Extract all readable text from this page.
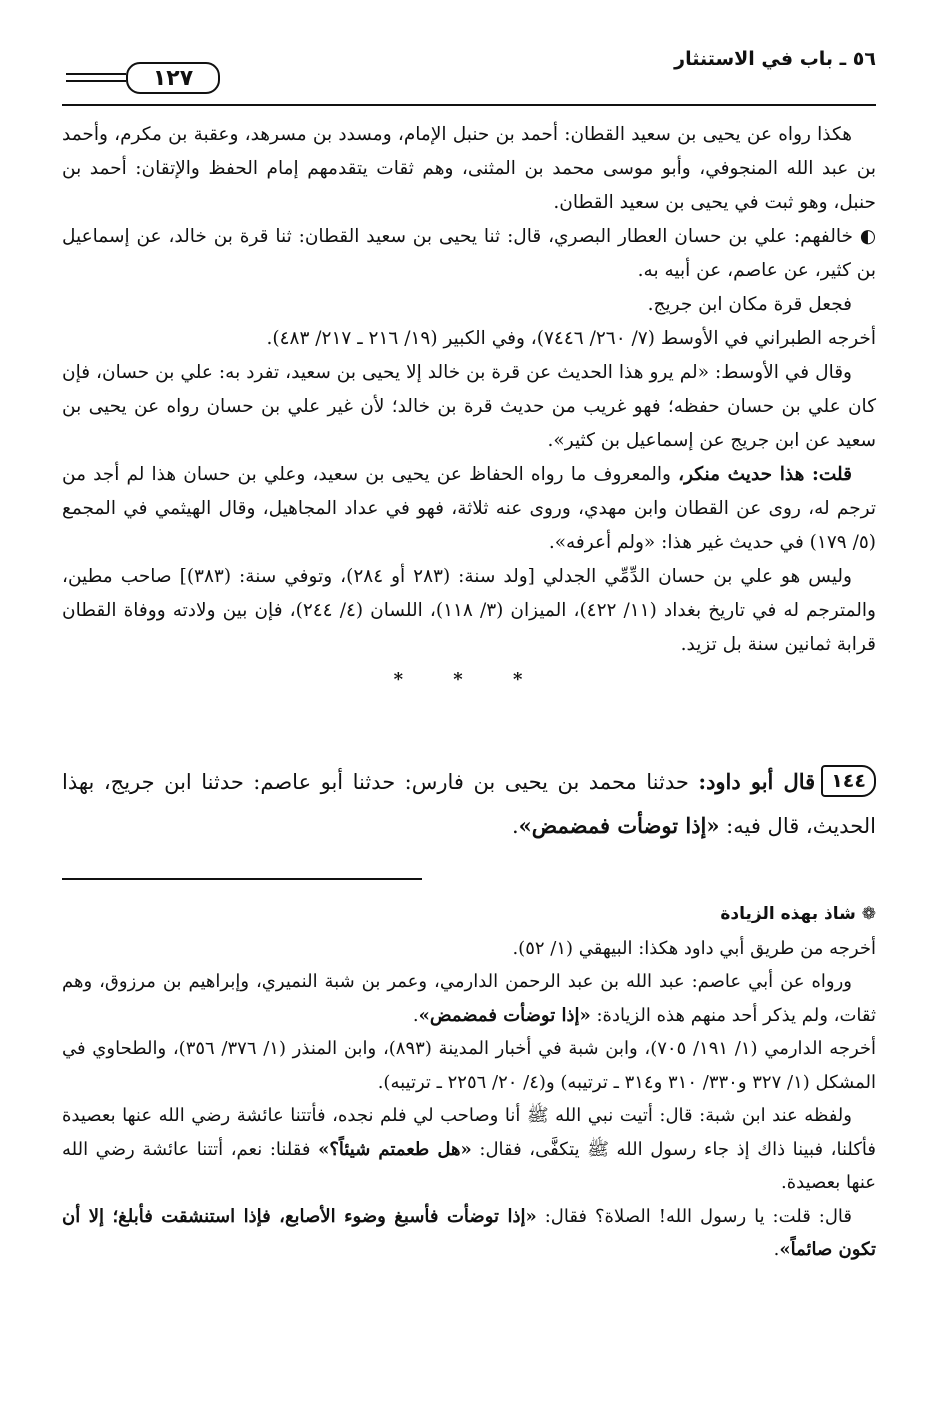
٥٦ ـ باب في الاستنثار
١٢٧

هكذا رواه عن يحيى بن سعيد القطان: أحمد بن حنبل الإمام، ومسدد بن مسرهد، وعقبة بن مكرم، وأحمد بن عبد الله المنجوفي، وأبو موسى محمد بن المثنى، وهم ثقات يتقدمهم إمام الحفظ والإتقان: أحمد بن حنبل، وهو ثبت في يحيى بن سعيد القطان.

◐ خالفهم: علي بن حسان العطار البصري، قال: ثنا يحيى بن سعيد القطان: ثنا قرة بن خالد، عن إسماعيل بن كثير، عن عاصم، عن أبيه به.

فجعل قرة مكان ابن جريج.

أخرجه الطبراني في الأوسط (٧/ ٢٦٠/ ٧٤٤٦)، وفي الكبير (١٩/ ٢١٦ ـ ٢١٧/ ٤٨٣).

وقال في الأوسط: «لم يرو هذا الحديث عن قرة بن خالد إلا يحيى بن سعيد، تفرد به: علي بن حسان، فإن كان علي بن حسان حفظه؛ فهو غريب من حديث قرة بن خالد؛ لأن غير علي بن حسان رواه عن يحيى بن سعيد عن ابن جريج عن إسماعيل بن كثير».

قلت: هذا حديث منكر، والمعروف ما رواه الحفاظ عن يحيى بن سعيد، وعلي بن حسان هذا لم أجد من ترجم له، روى عن القطان وابن مهدي، وروى عنه ثلاثة، فهو في عداد المجاهيل، وقال الهيثمي في المجمع (٥/ ١٧٩) في حديث غير هذا: «ولم أعرفه».

وليس هو علي بن حسان الدِّمِّي الجدلي [ولد سنة: (٢٨٣ أو ٢٨٤)، وتوفي سنة: (٣٨٣)] صاحب مطين، والمترجم له في تاريخ بغداد (١١/ ٤٢٢)، الميزان (٣/ ١١٨)، اللسان (٤/ ٢٤٤)، فإن بين ولادته ووفاة القطان قرابة ثمانين سنة بل تزيد.

* * *

١٤٤قال أبو داود: حدثنا محمد بن يحيى بن فارس: حدثنا أبو عاصم: حدثنا ابن جريج، بهذا الحديث، قال فيه: «إذا توضأت فمضمض».

❁ شاذ بهذه الزيادة

أخرجه من طريق أبي داود هكذا: البيهقي (١/ ٥٢).

ورواه عن أبي عاصم: عبد الله بن عبد الرحمن الدارمي، وعمر بن شبة النميري، وإبراهيم بن مرزوق، وهم ثقات، ولم يذكر أحد منهم هذه الزيادة: «إذا توضأت فمضمض».

أخرجه الدارمي (١/ ١٩١/ ٧٠٥)، وابن شبة في أخبار المدينة (٨٩٣)، وابن المنذر (١/ ٣٧٦/ ٣٥٦)، والطحاوي في المشكل (١/ ٣٢٧ و٣٣٠/ ٣١٠ و٣١٤ ـ ترتيبه) و(٤/ ٢٠/ ٢٢٥٦ ـ ترتيبه).

ولفظه عند ابن شبة: قال: أتيت نبي الله ﷺ أنا وصاحب لي فلم نجده، فأتتنا عائشة رضي الله عنها بعصيدة فأكلنا، فبينا ذاك إذ جاء رسول الله ﷺ يتكفَّى، فقال: «هل طعمتم شيئاً؟» فقلنا: نعم، أتتنا عائشة رضي الله عنها بعصيدة.

قال: قلت: يا رسول الله! الصلاة؟ فقال: «إذا توضأت فأسبغ وضوء الأصابع، فإذا استنشقت فأبلغ؛ إلا أن تكون صائماً».
